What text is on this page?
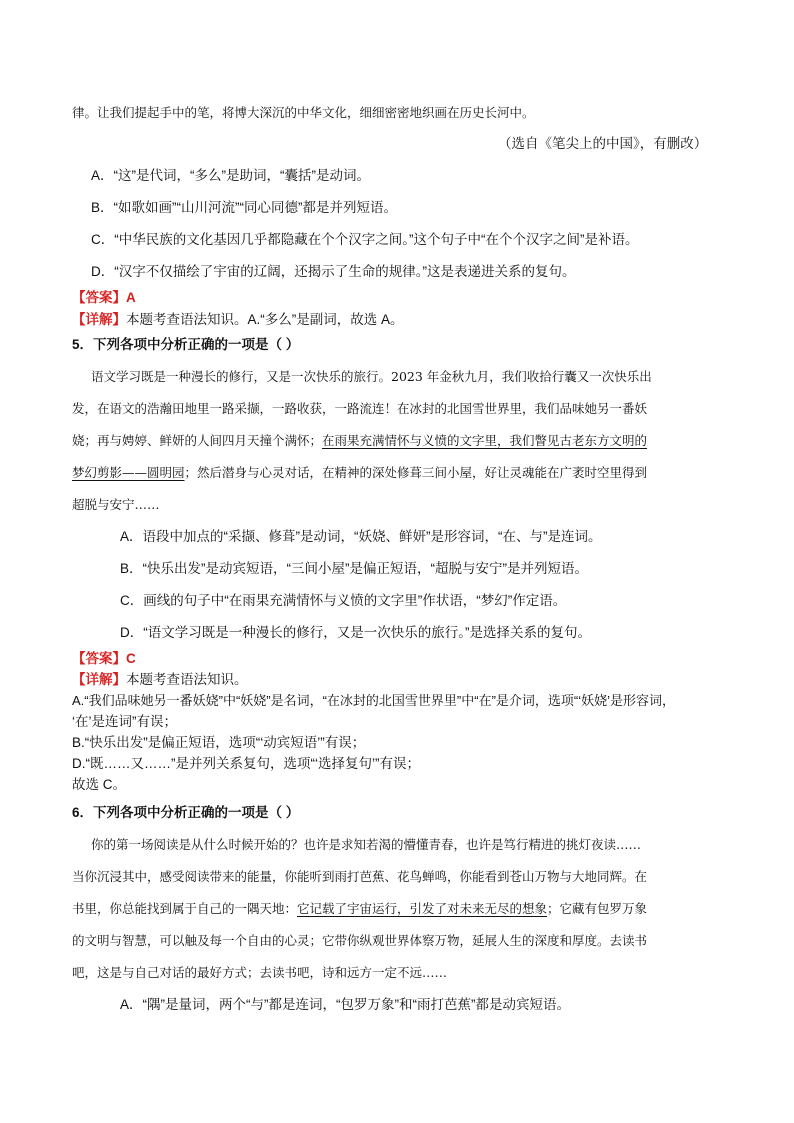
律。让我们提起手中的笔，将博大深沉的中华文化，细细密密地织画在历史长河中。
（选自《笔尖上的中国》，有删改）
A．“这”是代词，“多么”是助词，“囊括”是动词。
B．“如歌如画”“山川河流”“同心同德”都是并列短语。
C．“中华民族的文化基因几乎都隐藏在个个汉字之间。”这个句子中“在个个汉字之间”是补语。
D．“汉字不仅描绘了宇宙的辽阔，还揭示了生命的规律。”这是表递进关系的复句。
【答案】A
【详解】本题考查语法知识。A.“多么”是副词，故选 A。
5．下列各项中分析正确的一项是（ ）
语文学习既是一种漫长的修行，又是一次快乐的旅行。2023 年金秋九月，我们收拾行囊又一次快乐出
发，在语文的浩瀚田地里一路采撷，一路收获，一路流连！在冰封的北国雪世界里，我们品味她另一番妖
娆；再与娉婷、鲜妍的人间四月天撞个满怀；在雨果充满情怀与义愤的文字里，我们瞥见古老东方文明的
梦幻剪影——圆明园；然后潜身与心灵对话，在精神的深处修葺三间小屋，好让灵魂能在广袤时空里得到
超脱与安宁……
A．语段中加点的“采撷、修葺”是动词，“妖娆、鲜妍”是形容词，“在、与”是连词。
B．“快乐出发”是动宾短语，“三间小屋”是偏正短语，“超脱与安宁”是并列短语。
C．画线的句子中“在雨果充满情怀与义愤的文字里”作状语，“梦幻”作定语。
D．“语文学习既是一种漫长的修行，又是一次快乐的旅行。”是选择关系的复句。
【答案】C
【详解】本题考查语法知识。
A.“我们品味她另一番妖娆”中“妖娆”是名词，“在冰封的北国雪世界里”中“在”是介词，选项“‘妖娆’是形容词，
‘在’是连词”有误；
B.“快乐出发”是偏正短语，选项“‘动宾短语’”有误；
D.“既……又……”是并列关系复句，选项“‘选择复句’”有误；
故选 C。
6．下列各项中分析正确的一项是（ ）
你的第一场阅读是从什么时候开始的？也许是求知若渴的懵懂青春，也许是笃行精进的挑灯夜读……
当你沉浸其中，感受阅读带来的能量，你能听到雨打芭蕉、花鸟蝉鸣，你能看到苍山万物与大地同辉。在
书里，你总能找到属于自己的一隅天地：它记载了宇宙运行，引发了对未来无尽的想象；它藏有包罗万象
的文明与智慧，可以触及每一个自由的心灵；它带你纵观世界体察万物，延展人生的深度和厚度。去读书
吧，这是与自己对话的最好方式；去读书吧，诗和远方一定不远……
A．“隅”是量词，两个“与”都是连词，“包罗万象”和“雨打芭蕉”都是动宾短语。
